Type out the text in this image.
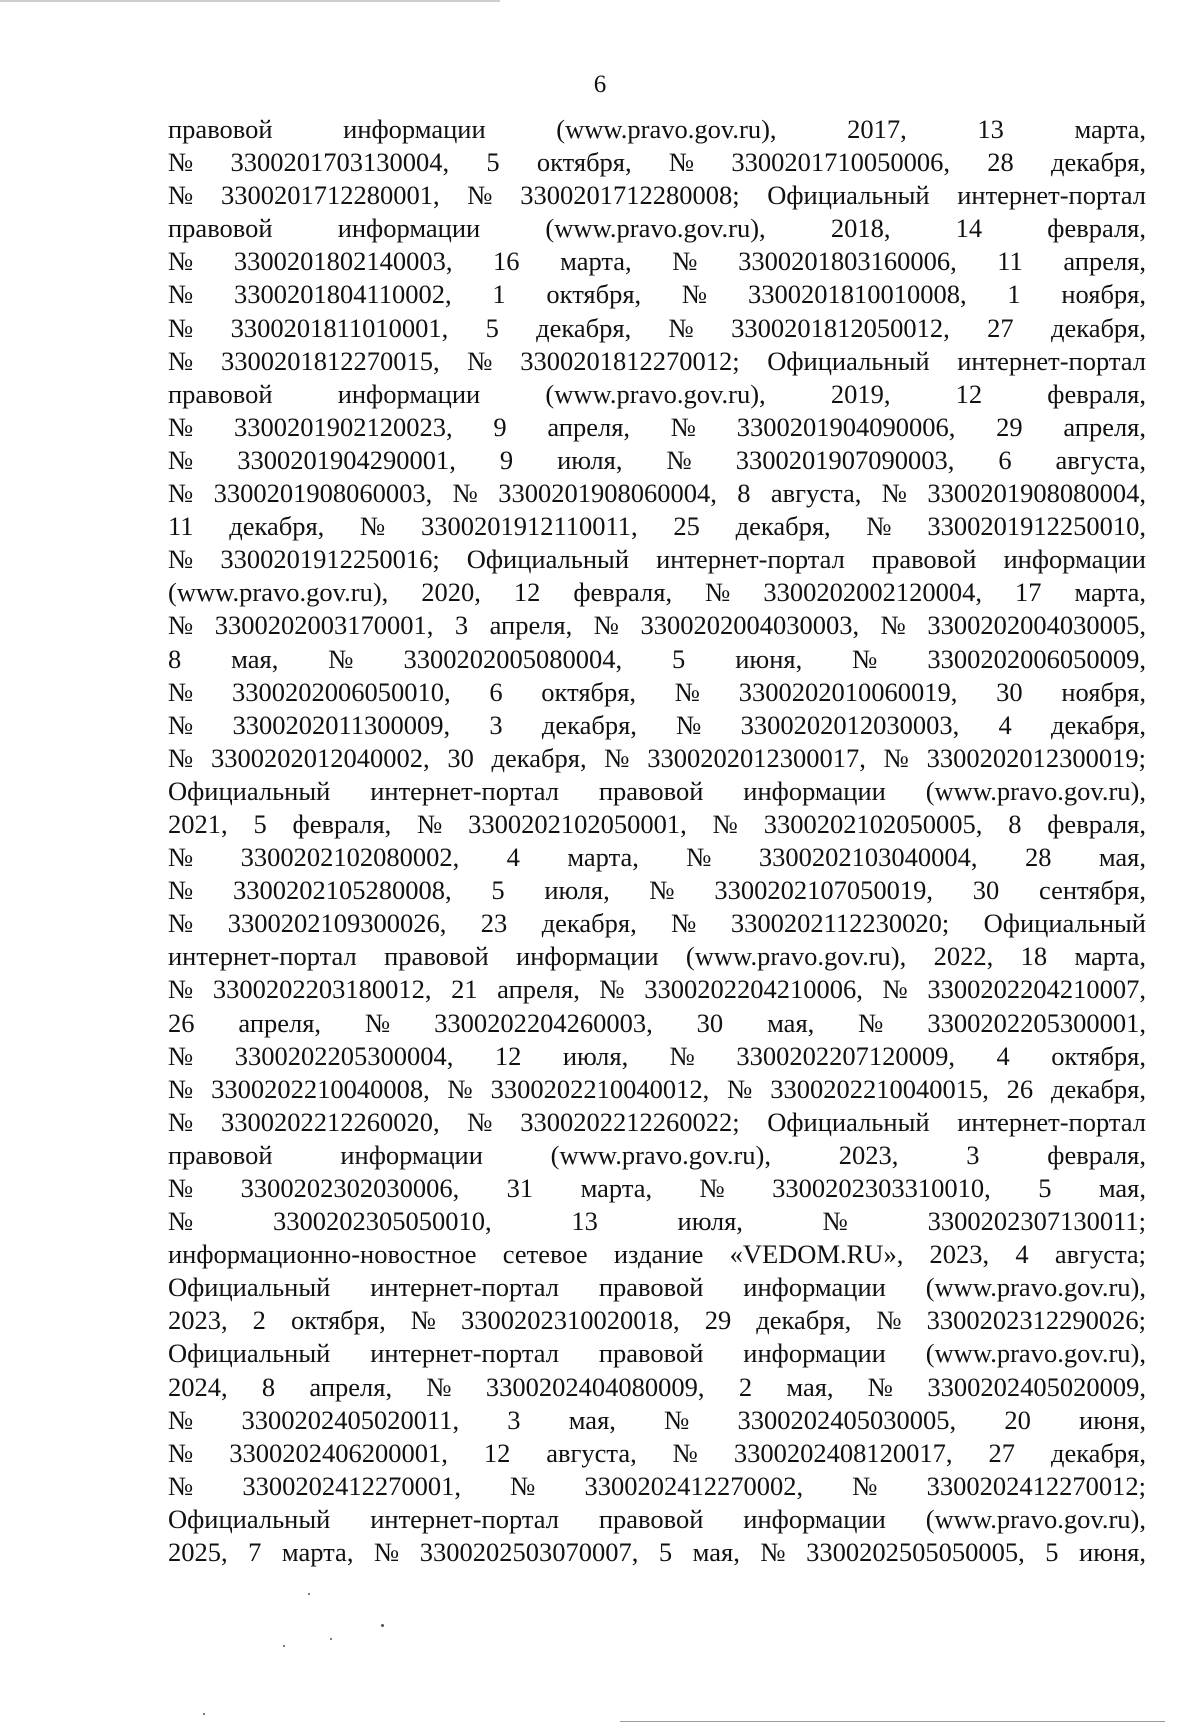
6
правовой информации (www.pravo.gov.ru), 2017, 13 марта,
№ 3300201703130004, 5 октября, № 3300201710050006, 28 декабря,
№ 3300201712280001, № 3300201712280008; Официальный интернет-портал
правовой информации (www.pravo.gov.ru), 2018, 14 февраля,
№ 3300201802140003, 16 марта, № 3300201803160006, 11 апреля,
№ 3300201804110002, 1 октября, № 3300201810010008, 1 ноября,
№ 3300201811010001, 5 декабря, № 3300201812050012, 27 декабря,
№ 3300201812270015, № 3300201812270012; Официальный интернет-портал
правовой информации (www.pravo.gov.ru), 2019, 12 февраля,
№ 3300201902120023, 9 апреля, № 3300201904090006, 29 апреля,
№ 3300201904290001, 9 июля, № 3300201907090003, 6 августа,
№ 3300201908060003, № 3300201908060004, 8 августа, № 3300201908080004,
11 декабря, № 3300201912110011, 25 декабря, № 3300201912250010,
№ 3300201912250016; Официальный интернет-портал правовой информации
(www.pravo.gov.ru), 2020, 12 февраля, № 3300202002120004, 17 марта,
№ 3300202003170001, 3 апреля, № 3300202004030003, № 3300202004030005,
8 мая, № 3300202005080004, 5 июня, № 3300202006050009,
№ 3300202006050010, 6 октября, № 3300202010060019, 30 ноября,
№ 3300202011300009, 3 декабря, № 3300202012030003, 4 декабря,
№ 3300202012040002, 30 декабря, № 3300202012300017, № 3300202012300019;
Официальный интернет-портал правовой информации (www.pravo.gov.ru),
2021, 5 февраля, № 3300202102050001, № 3300202102050005, 8 февраля,
№ 3300202102080002, 4 марта, № 3300202103040004, 28 мая,
№ 3300202105280008, 5 июля, № 3300202107050019, 30 сентября,
№ 3300202109300026, 23 декабря, № 3300202112230020; Официальный
интернет-портал правовой информации (www.pravo.gov.ru), 2022, 18 марта,
№ 3300202203180012, 21 апреля, № 3300202204210006, № 3300202204210007,
26 апреля, № 3300202204260003, 30 мая, № 3300202205300001,
№ 3300202205300004, 12 июля, № 3300202207120009, 4 октября,
№ 3300202210040008, № 3300202210040012, № 3300202210040015, 26 декабря,
№ 3300202212260020, № 3300202212260022; Официальный интернет-портал
правовой информации (www.pravo.gov.ru), 2023, 3 февраля,
№ 3300202302030006, 31 марта, № 3300202303310010, 5 мая,
№ 3300202305050010, 13 июля, № 3300202307130011;
информационно-новостное сетевое издание «VEDOM.RU», 2023, 4 августа;
Официальный интернет-портал правовой информации (www.pravo.gov.ru),
2023, 2 октября, № 3300202310020018, 29 декабря, № 3300202312290026;
Официальный интернет-портал правовой информации (www.pravo.gov.ru),
2024, 8 апреля, № 3300202404080009, 2 мая, № 3300202405020009,
№ 3300202405020011, 3 мая, № 3300202405030005, 20 июня,
№ 3300202406200001, 12 августа, № 3300202408120017, 27 декабря,
№ 3300202412270001, № 3300202412270002, № 3300202412270012;
Официальный интернет-портал правовой информации (www.pravo.gov.ru),
2025, 7 марта, № 3300202503070007, 5 мая, № 3300202505050005, 5 июня,
